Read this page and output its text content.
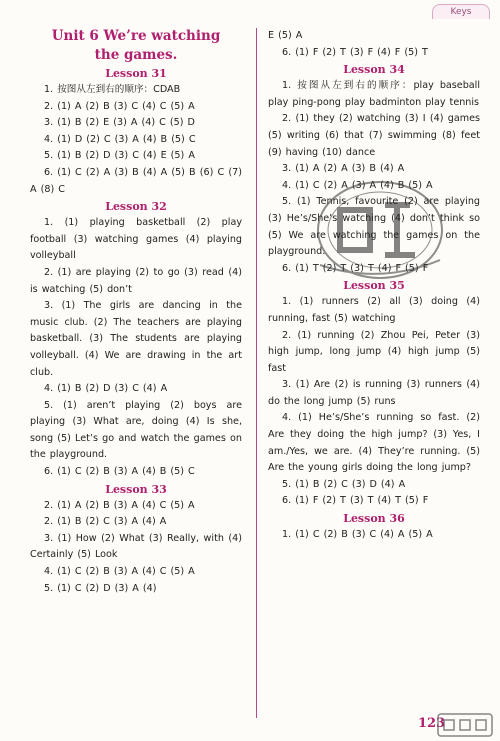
Keys
Unit 6 We’re watching
the games.
Lesson 31

1. 按图从左到右的顺序：CDAB

2. (1) A (2) B (3) C (4) C (5) A

3. (1) B (2) E (3) A (4) C (5) D

4. (1) D (2) C (3) A (4) B (5) C

5. (1) B (2) D (3) C (4) E (5) A

6. (1) C (2) A (3) B (4) A (5) B (6) C (7) A (8) C

Lesson 32

1. (1) playing basketball (2) play football (3) watching games (4) playing volleyball

2. (1) are playing (2) to go (3) read (4) is watching (5) don’t

3. (1) The girls are dancing in the music club. (2) The teachers are playing basketball. (3) The students are playing volleyball. (4) We are drawing in the art club.

4. (1) B (2) D (3) C (4) A

5. (1) aren’t playing (2) boys are playing (3) What are, doing (4) Is she, song (5) Let’s go and watch the games on the playground.

6. (1) C (2) B (3) A (4) B (5) C

Lesson 33

2. (1) A (2) B (3) A (4) C (5) A

2. (1) B (2) C (3) A (4) A

3. (1) How (2) What (3) Really, with (4) Certainly (5) Look

4. (1) C (2) B (3) A (4) C (5) A

5. (1) C (2) D (3) A (4)

E (5) A

6. (1) F (2) T (3) F (4) F (5) T

Lesson 34

1. 按图从左到右的顺序：play baseball play ping-pong play badminton play tennis

2. (1) they (2) watching (3) I (4) games (5) writing (6) that (7) swimming (8) feet (9) having (10) dance

3. (1) A (2) A (3) B (4) A

4. (1) C (2) A (3) A (4) B (5) A

5. (1) Tennis, favourite (2) are playing (3) He’s/She’s watching (4) don’t think so (5) We are watching the games on the playground.

6. (1) T (2) T (3) T (4) F (5) F

Lesson 35

1. (1) runners (2) all (3) doing (4) running, fast (5) watching

2. (1) running (2) Zhou Pei, Peter (3) high jump, long jump (4) high jump (5) fast

3. (1) Are (2) is running (3) runners (4) do the long jump (5) runs

4. (1) He’s/She’s running so fast. (2) Are they doing the high jump? (3) Yes, I am./Yes, we are. (4) They’re running. (5) Are the young girls doing the long jump?

5. (1) B (2) C (3) D (4) A

6. (1) F (2) T (3) T (4) T (5) F

Lesson 36

1. (1) C (2) B (3) C (4) A (5) A

123
